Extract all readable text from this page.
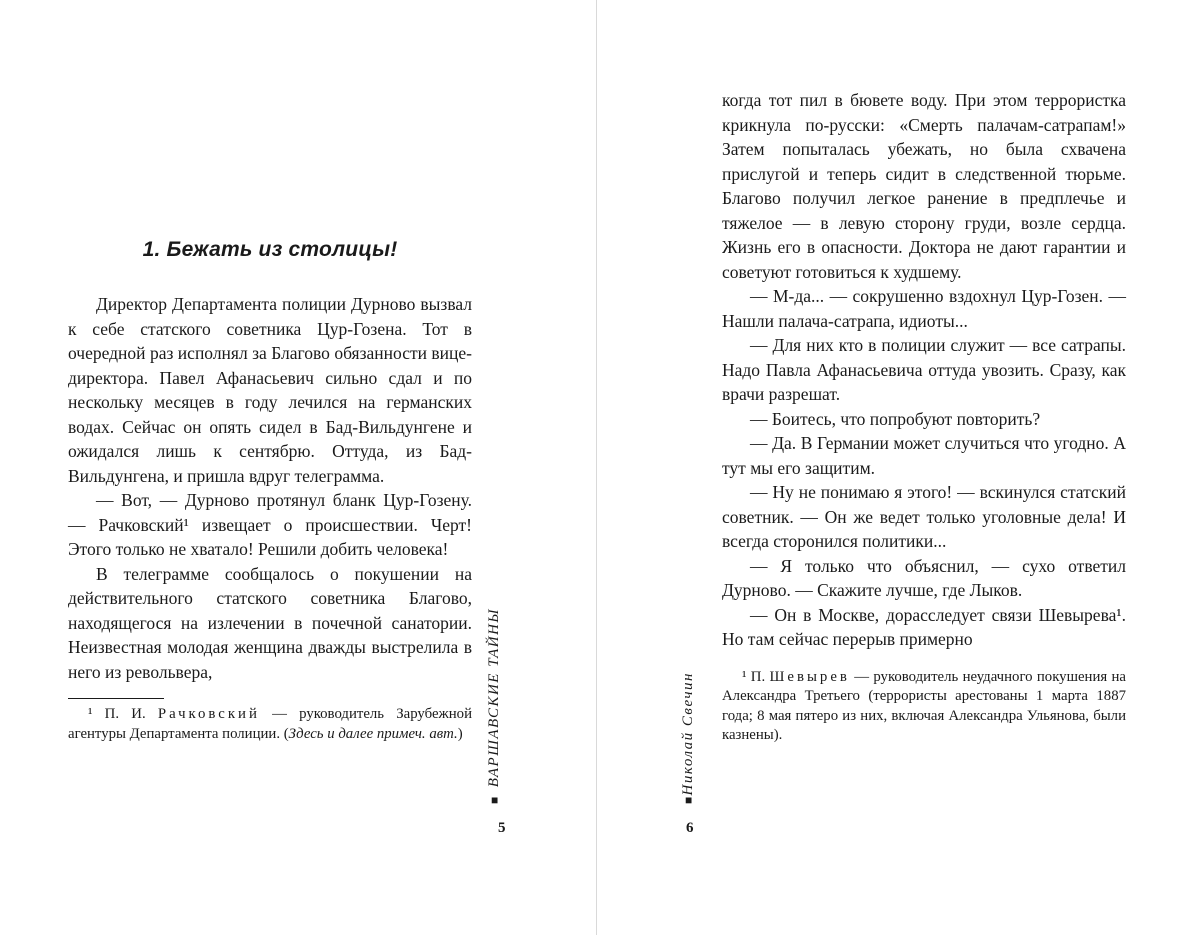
1. Бежать из столицы!

Директор Департамента полиции Дурново вызвал к себе статского советника Цур-Гозена. Тот в очередной раз исполнял за Благово обязанности вице-директора. Павел Афанасьевич сильно сдал и по нескольку месяцев в году лечился на германских водах. Сейчас он опять сидел в Бад-Вильдунгене и ожидался лишь к сентябрю. Оттуда, из Бад-Вильдунгена, и пришла вдруг телеграмма.

— Вот, — Дурново протянул бланк Цур-Гозену. — Рачковский¹ извещает о происшествии. Черт! Этого только не хватало! Решили добить человека!

В телеграмме сообщалось о покушении на действительного статского советника Благово, находящегося на излечении в почечной санатории. Неизвестная молодая женщина дважды выстрелила в него из револьвера,

¹ П. И. Рачковский — руководитель Зарубежной агентуры Департамента полиции. (Здесь и далее примеч. авт.)

когда тот пил в бювете воду. При этом террористка крикнула по-русски: «Смерть палачам-сатрапам!» Затем попыталась убежать, но была схвачена прислугой и теперь сидит в следственной тюрьме. Благово получил легкое ранение в предплечье и тяжелое — в левую сторону груди, возле сердца. Жизнь его в опасности. Доктора не дают гарантии и советуют готовиться к худшему.

— М-да... — сокрушенно вздохнул Цур-Гозен. — Нашли палача-сатрапа, идиоты...

— Для них кто в полиции служит — все сатрапы. Надо Павла Афанасьевича оттуда увозить. Сразу, как врачи разрешат.

— Боитесь, что попробуют повторить?

— Да. В Германии может случиться что угодно. А тут мы его защитим.

— Ну не понимаю я этого! — вскинулся статский советник. — Он же ведет только уголовные дела! И всегда сторонился политики...

— Я только что объяснил, — сухо ответил Дурново. — Скажите лучше, где Лыков.

— Он в Москве, дорасследует связи Шевырева¹. Но там сейчас перерыв примерно

¹ П. Шевырев — руководитель неудачного покушения на Александра Третьего (террористы арестованы 1 марта 1887 года; 8 мая пятеро из них, включая Александра Ульянова, были казнены).

ВАРШАВСКИЕ ТАЙНЫ
■
5
Николай Свечин
■
6
